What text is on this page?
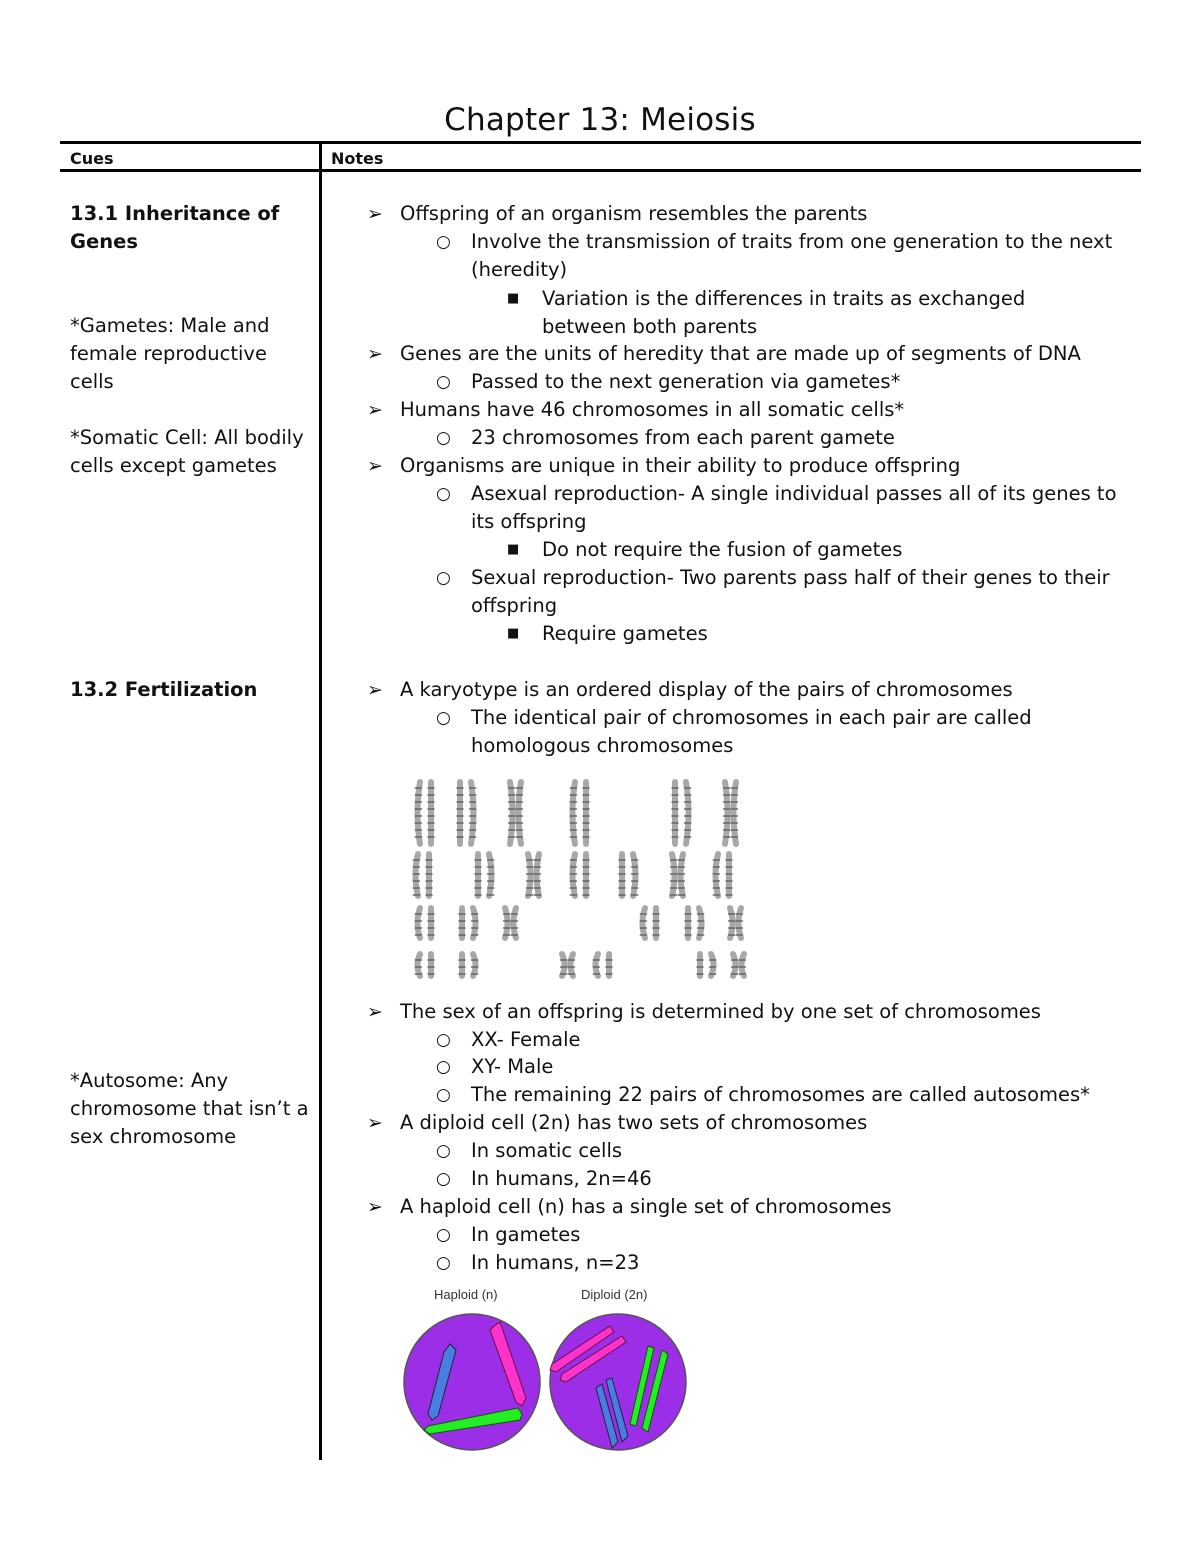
Chapter 13: Meiosis
Cues	Notes
13.1 Inheritance of Genes
*Gametes: Male and female reproductive cells
*Somatic Cell: All bodily cells except gametes
13.2 Fertilization
*Autosome: Any chromosome that isn’t a sex chromosome
➢ Offspring of an organism resembles the parents
○ Involve the transmission of traits from one generation to the next (heredity)
■ Variation is the differences in traits as exchanged between both parents
➢ Genes are the units of heredity that are made up of segments of DNA
○ Passed to the next generation via gametes*
➢ Humans have 46 chromosomes in all somatic cells*
○ 23 chromosomes from each parent gamete
➢ Organisms are unique in their ability to produce offspring
○ Asexual reproduction- A single individual passes all of its genes to its offspring
■ Do not require the fusion of gametes
○ Sexual reproduction- Two parents pass half of their genes to their offspring
■ Require gametes
➢ A karyotype is an ordered display of the pairs of chromosomes
○ The identical pair of chromosomes in each pair are called homologous chromosomes
➢ The sex of an offspring is determined by one set of chromosomes
○ XX- Female
○ XY- Male
○ The remaining 22 pairs of chromosomes are called autosomes*
➢ A diploid cell (2n) has two sets of chromosomes
○ In somatic cells
○ In humans, 2n=46
➢ A haploid cell (n) has a single set of chromosomes
○ In gametes
○ In humans, n=23
Haploid (n)	Diploid (2n)
